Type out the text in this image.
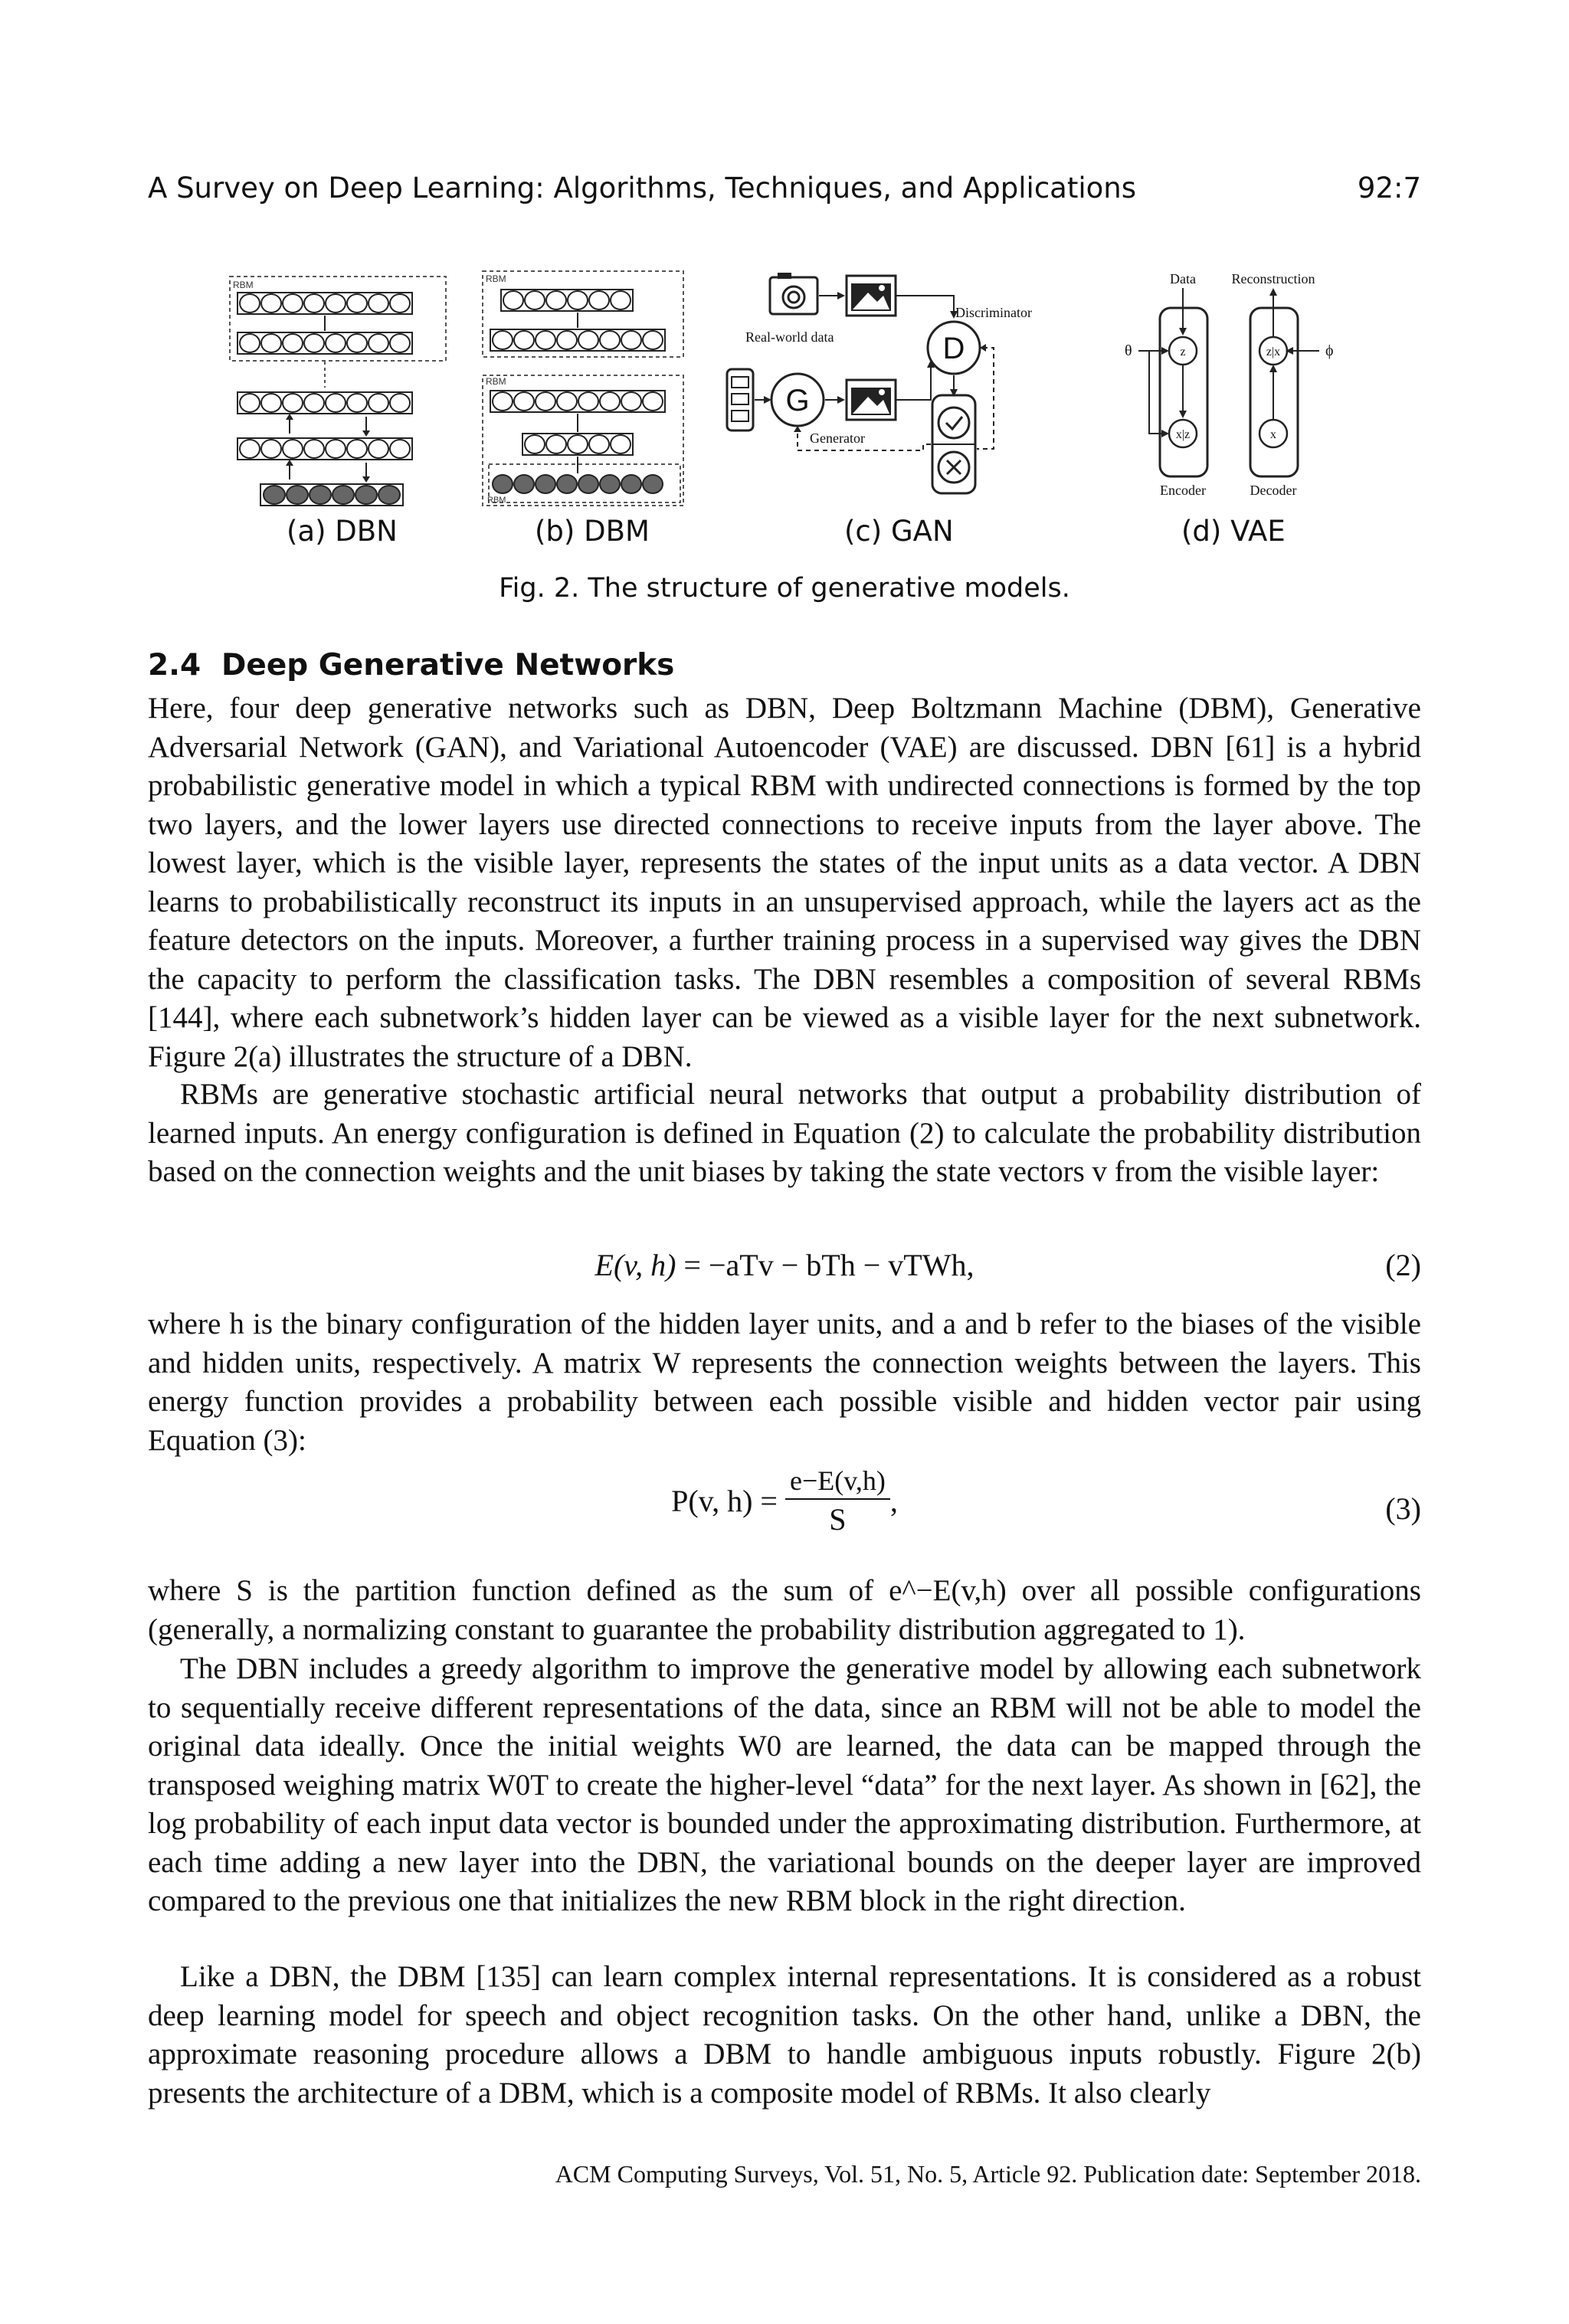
A Survey on Deep Learning: Algorithms, Techniques, and Applications	92:7
RBM
RBM
RBM
RBM
Real-world data
Discriminator
D
G
Generator
Data	Reconstruction
z
x|z
θ
Encoder
z|x
x
ϕ
Decoder
(a) DBN	(b) DBM	(c) GAN	(d) VAE
Fig. 2. The structure of generative models.
2.4 Deep Generative Networks
Here, four deep generative networks such as DBN, Deep Boltzmann Machine (DBM), Generative Adversarial Network (GAN), and Variational Autoencoder (VAE) are discussed. DBN [61] is a hybrid probabilistic generative model in which a typical RBM with undirected connections is formed by the top two layers, and the lower layers use directed connections to receive inputs from the layer above. The lowest layer, which is the visible layer, represents the states of the input units as a data vector. A DBN learns to probabilistically reconstruct its inputs in an unsupervised approach, while the layers act as the feature detectors on the inputs. Moreover, a further training process in a supervised way gives the DBN the capacity to perform the classification tasks. The DBN resembles a composition of several RBMs [144], where each subnetwork’s hidden layer can be viewed as a visible layer for the next subnetwork. Figure 2(a) illustrates the structure of a DBN.
RBMs are generative stochastic artificial neural networks that output a probability distribution of learned inputs. An energy configuration is defined in Equation (2) to calculate the probability distribution based on the connection weights and the unit biases by taking the state vectors v from the visible layer:
E(v, h) = −aTv − bTh − vTWh,	(2)
where h is the binary configuration of the hidden layer units, and a and b refer to the biases of the visible and hidden units, respectively. A matrix W represents the connection weights between the layers. This energy function provides a probability between each possible visible and hidden vector pair using Equation (3):
P(v, $h) = \frac{e-E(v,h)}{S}$ ,	(3)
where S is the partition function defined as the sum of e^−E(v,h) over all possible configurations (generally, a normalizing constant to guarantee the probability distribution aggregated to 1).
The DBN includes a greedy algorithm to improve the generative model by allowing each subnetwork to sequentially receive different representations of the data, since an RBM will not be able to model the original data ideally. Once the initial weights W0 are learned, the data can be mapped through the transposed weighing matrix W0T to create the higher-level “data” for the next layer. As shown in [62], the log probability of each input data vector is bounded under the approximating distribution. Furthermore, at each time adding a new layer into the DBN, the variational bounds on the deeper layer are improved compared to the previous one that initializes the new RBM block in the right direction.
Like a DBN, the DBM [135] can learn complex internal representations. It is considered as a robust deep learning model for speech and object recognition tasks. On the other hand, unlike a DBN, the approximate reasoning procedure allows a DBM to handle ambiguous inputs robustly. Figure 2(b) presents the architecture of a DBM, which is a composite model of RBMs. It also clearly
ACM Computing Surveys, Vol. 51, No. 5, Article 92. Publication date: September 2018.
